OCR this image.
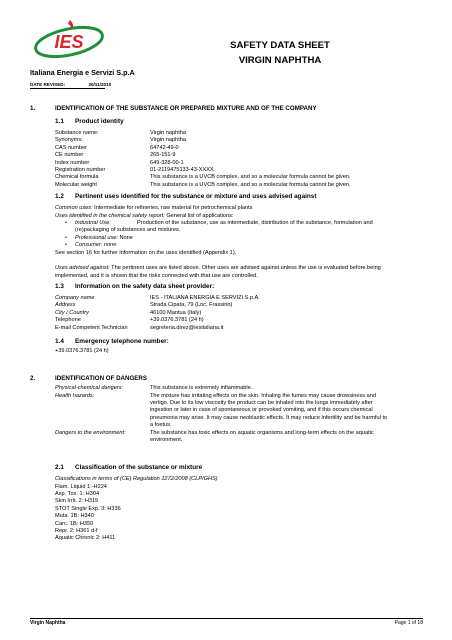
IES
Italiana Energia e Servizi S.p.A
DATE REVISED:	30/11/2010
SAFETY DATA SHEET
VIRGIN NAPHTHA
1.	IDENTIFICATION OF THE SUBSTANCE OR PREPARED MIXTURE AND OF THE COMPANY
1.1 Product identity
Substance name:	Virgin naphtha
Synonyms:	Virgin naphtha
CAS number	64742-49-0
CE number	265-151-9
Index number	649-328-00-1
Registration number	01-2119475133-43-XXXX
Chemical formula	This substance is a UVCB complex, and so a molecular formula cannot be given.
Molecular weight	This substance is a UVCB complex, and so a molecular formula cannot be given.
1.2 Pertinent uses identified for the substance or mixture and uses advised against
Common uses: Intermediate for refineries, raw material for petrochemical plants
Uses identified in the chemical safety report: General list of applications:
• Industrial Use:	Production of the substance, use as intermediate, distribution of the substance, formulation and
(re)packaging of substances and mixtures.
• Professional use: None
• Consumer: none
See section 16 for further information on the uses identified (Appendix 1).
Uses advised against: The pertinent uses are listed above. Other uses are advised against unless the use is evaluated before being
implemented, and it is shown that the risks connected with that use are controlled.
1.3 Information on the safety data sheet provider:
Company name	IES - ITALIANA ENERGIA E SERVIZI S.p.A.
Address	Strada Cipata, 79 (Loc. Frassino)
City / Country	46100 Mantua (Italy)
Telephone	+39.0376.3781 (24 h)
E-mail Competent Technician	segreteria.direz@iesitaliana.it
1.4 Emergency telephone number:
+39.0376.3781 (24 h)
2.	IDENTIFICATION OF DANGERS
Physical-chemical dangers:	This substance is extremely inflammable.
Health hazards:	The mixture has irritating effects on the skin. Inhaling the fumes may cause drowsiness and
vertigo. Due to its low viscosity the product can be inhaled into the lungs immediately after
ingestion or later in case of spontaneous or provoked vomiting, and if this occurs chemical
pneumonia may arise. It may cause neoblastic effects. It may reduce infertility and be harmful to
a foetus.
Dangers to the environment:	The substance has toxic effects on aquatic organisms and long-term effects on the aquatic
environment.
2.1 Classification of the substance or mixture
Classifications in terms of (CE) Regulation 1272/2008 (CLP/GHS)
Flam. Liquid 1:-H224
Asp. Tox. 1: H304
Skin Irrit. 2: H315
STOT Single Exp. 3: H336
Muta. 1B: H340
Carc. 1B: H350
Repr. 2: H361 d-f
Aquatic Chronic 2: H411
Virgin Naphtha	Page 1 of 18
